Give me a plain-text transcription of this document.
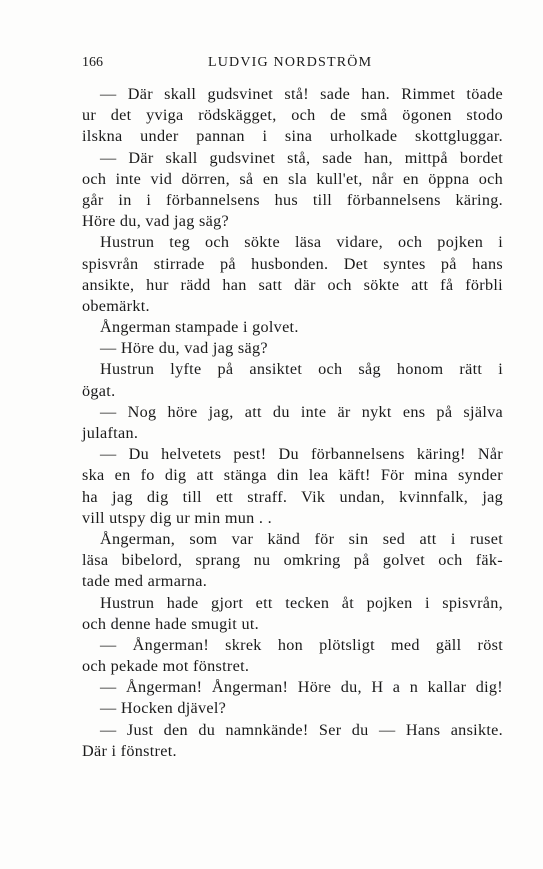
166	LUDVIG NORDSTRÖM
— Där skall gudsvinet stå! sade han. Rimmet töade
ur det yviga rödskägget, och de små ögonen stodo
ilskna under pannan i sina urholkade skottgluggar.
— Där skall gudsvinet stå, sade han, mittpå bordet
och inte vid dörren, så en sla kull'et, når en öppna och
går in i förbannelsens hus till förbannelsens käring.
Höre du, vad jag säg?
Hustrun teg och sökte läsa vidare, och pojken i
spisvrån stirrade på husbonden. Det syntes på hans
ansikte, hur rädd han satt där och sökte att få förbli
obemärkt.
Ångerman stampade i golvet.
— Höre du, vad jag säg?
Hustrun lyfte på ansiktet och såg honom rätt i
ögat.
— Nog höre jag, att du inte är nykt ens på själva
julaftan.
— Du helvetets pest! Du förbannelsens käring! Når
ska en fo dig att stänga din lea käft! För mina synder
ha jag dig till ett straff. Vik undan, kvinnfalk, jag
vill utspy dig ur min mun . .
Ångerman, som var känd för sin sed att i ruset
läsa bibelord, sprang nu omkring på golvet och fäk-
tade med armarna.
Hustrun hade gjort ett tecken åt pojken i spisvrån,
och denne hade smugit ut.
— Ångerman! skrek hon plötsligt med gäll röst
och pekade mot fönstret.
— Ångerman! Ångerman! Höre du, H a n kallar dig!
— Hocken djävel?
— Just den du namnkände! Ser du — Hans ansikte.
Där i fönstret.
